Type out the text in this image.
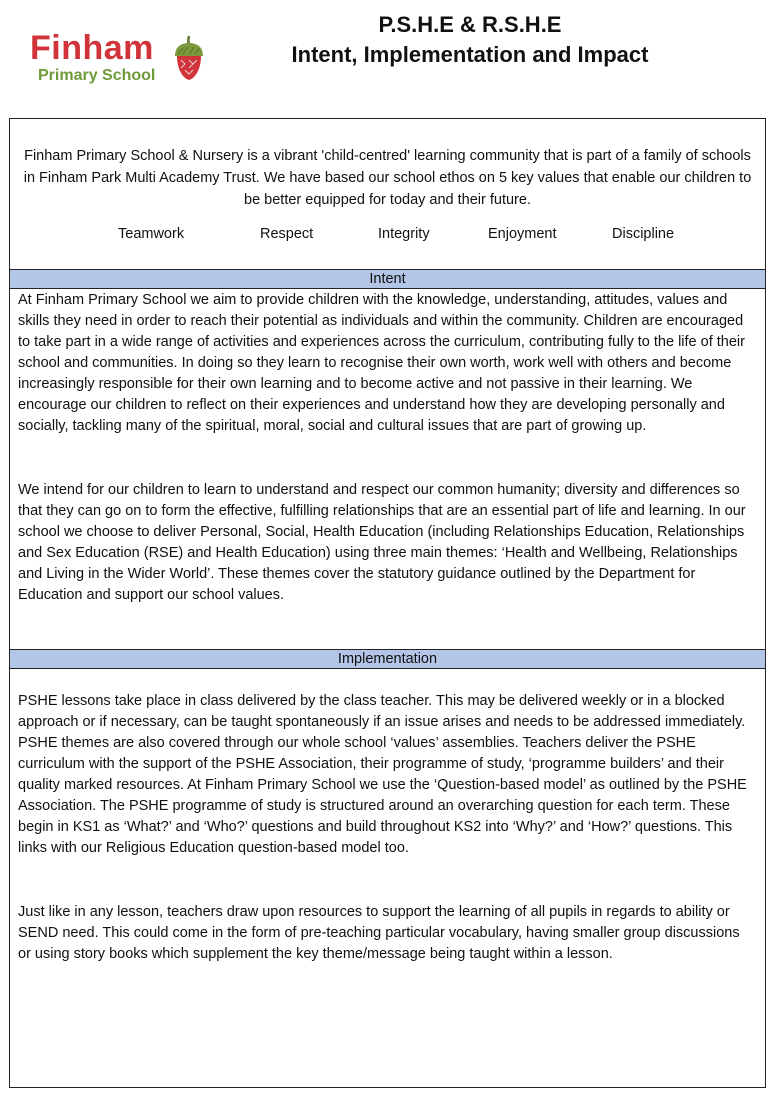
Finham
Primary School
P.S.H.E & R.S.H.E
Intent, Implementation and Impact
Finham Primary School & Nursery is a vibrant 'child-centred' learning community that is part of a family of schools in Finham Park Multi Academy Trust. We have based our school ethos on 5 key values that enable our children to be better equipped for today and their future.
Teamwork	Respect	Integrity	Enjoyment	Discipline
Intent

At Finham Primary School we aim to provide children with the knowledge, understanding, attitudes, values and skills they need in order to reach their potential as individuals and within the community. Children are encouraged to take part in a wide range of activities and experiences across the curriculum, contributing fully to the life of their school and communities. In doing so they learn to recognise their own worth, work well with others and become increasingly responsible for their own learning and to become active and not passive in their learning. We encourage our children to reflect on their experiences and understand how they are developing personally and socially, tackling many of the spiritual, moral, social and cultural issues that are part of growing up.

We intend for our children to learn to understand and respect our common humanity; diversity and differences so that they can go on to form the effective, fulfilling relationships that are an essential part of life and learning. In our school we choose to deliver Personal, Social, Health Education (including Relationships Education, Relationships and Sex Education (RSE) and Health Education) using three main themes: ‘Health and Wellbeing, Relationships and Living in the Wider World’. These themes cover the statutory guidance outlined by the Department for Education and support our school values.

Implementation

PSHE lessons take place in class delivered by the class teacher. This may be delivered weekly or in a blocked approach or if necessary, can be taught spontaneously if an issue arises and needs to be addressed immediately. PSHE themes are also covered through our whole school ‘values’ assemblies. Teachers deliver the PSHE curriculum with the support of the PSHE Association, their programme of study, ‘programme builders’ and their quality marked resources. At Finham Primary School we use the ‘Question-based model’ as outlined by the PSHE Association. The PSHE programme of study is structured around an overarching question for each term. These begin in KS1 as ‘What?’ and ‘Who?’ questions and build throughout KS2 into ‘Why?’ and ‘How?’ questions. This links with our Religious Education question-based model too.

Just like in any lesson, teachers draw upon resources to support the learning of all pupils in regards to ability or SEND need. This could come in the form of pre-teaching particular vocabulary, having smaller group discussions or using story books which supplement the key theme/message being taught within a lesson.
